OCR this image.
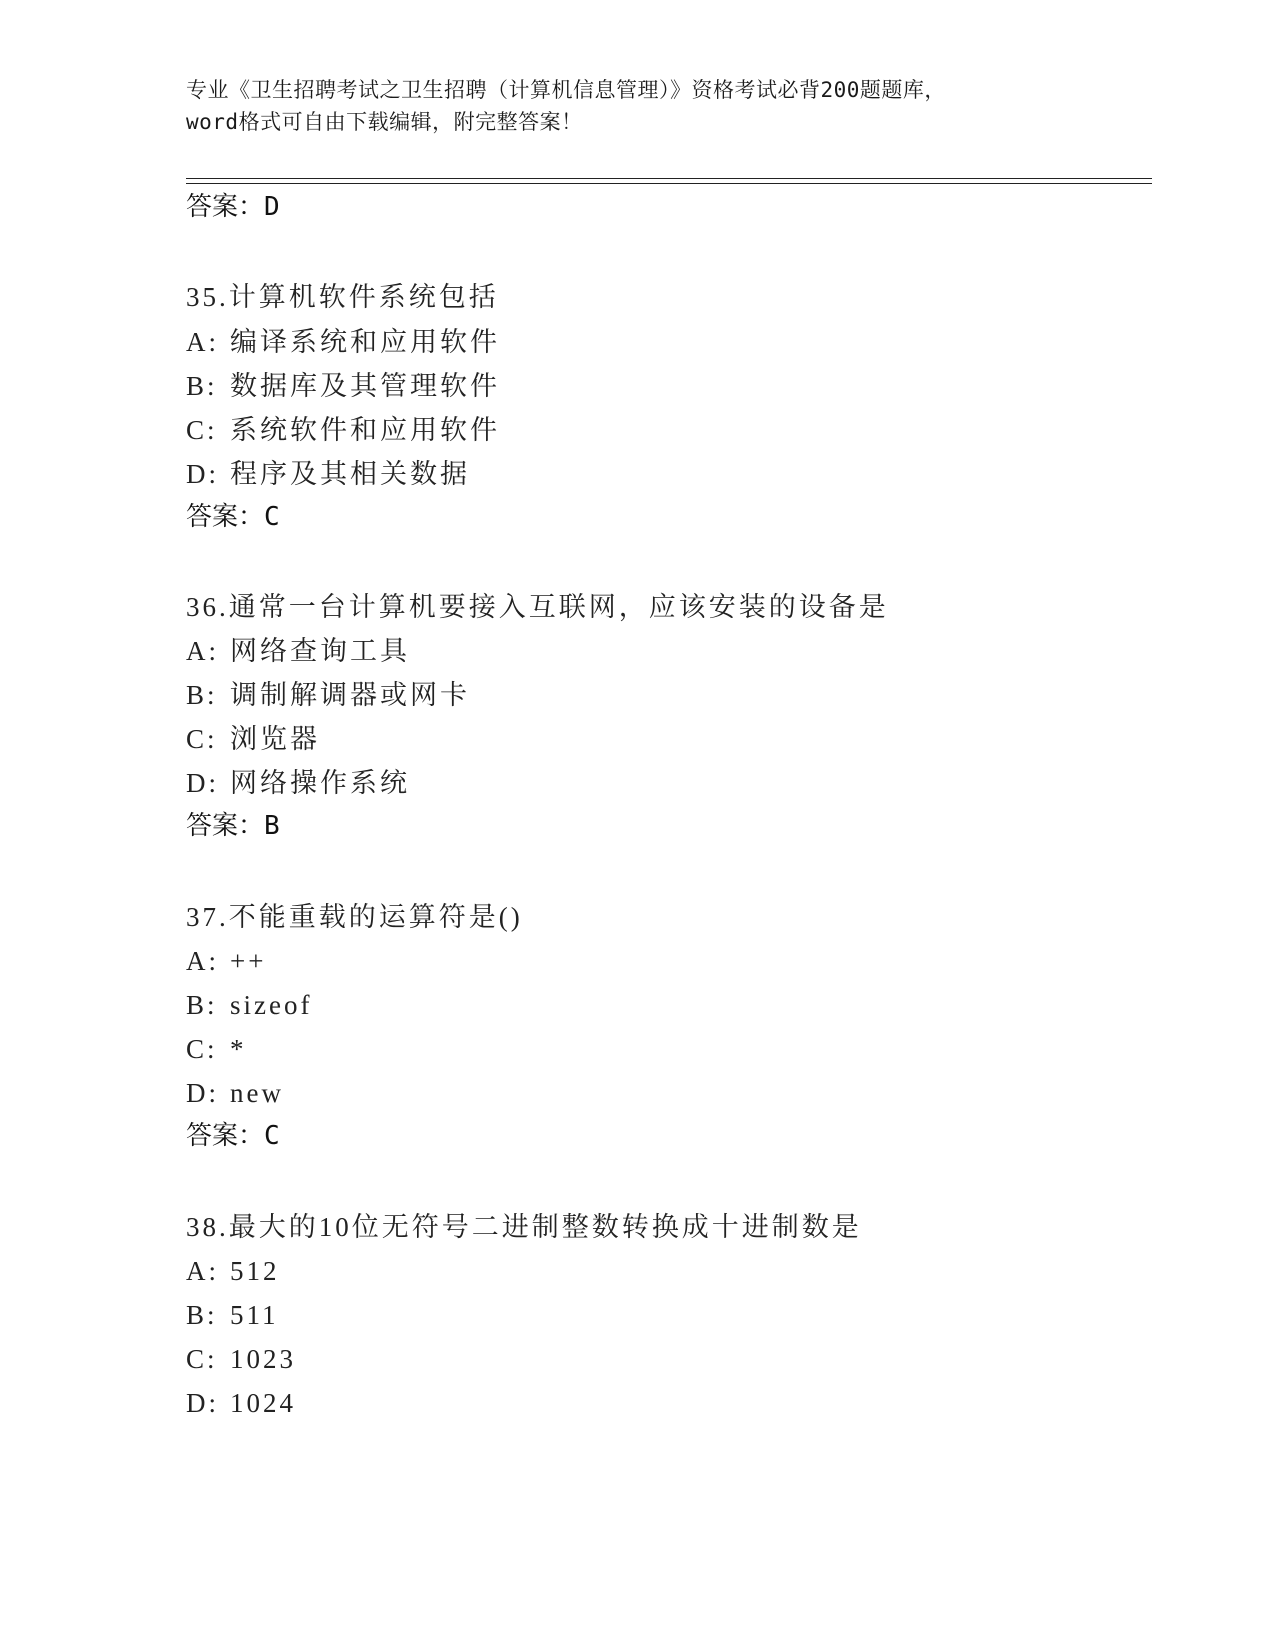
专业《卫生招聘考试之卫生招聘（计算机信息管理）》资格考试必背200题题库，
word格式可自由下载编辑，附完整答案！
答案：D
35.计算机软件系统包括
A: 编译系统和应用软件
B: 数据库及其管理软件
C: 系统软件和应用软件
D: 程序及其相关数据
答案：C
36.通常一台计算机要接入互联网，应该安装的设备是
A: 网络查询工具
B: 调制解调器或网卡
C: 浏览器
D: 网络操作系统
答案：B
37.不能重载的运算符是()
A: ++
B: sizeof
C: *
D: new
答案：C
38.最大的10位无符号二进制整数转换成十进制数是
A: 512
B: 511
C: 1023
D: 1024
